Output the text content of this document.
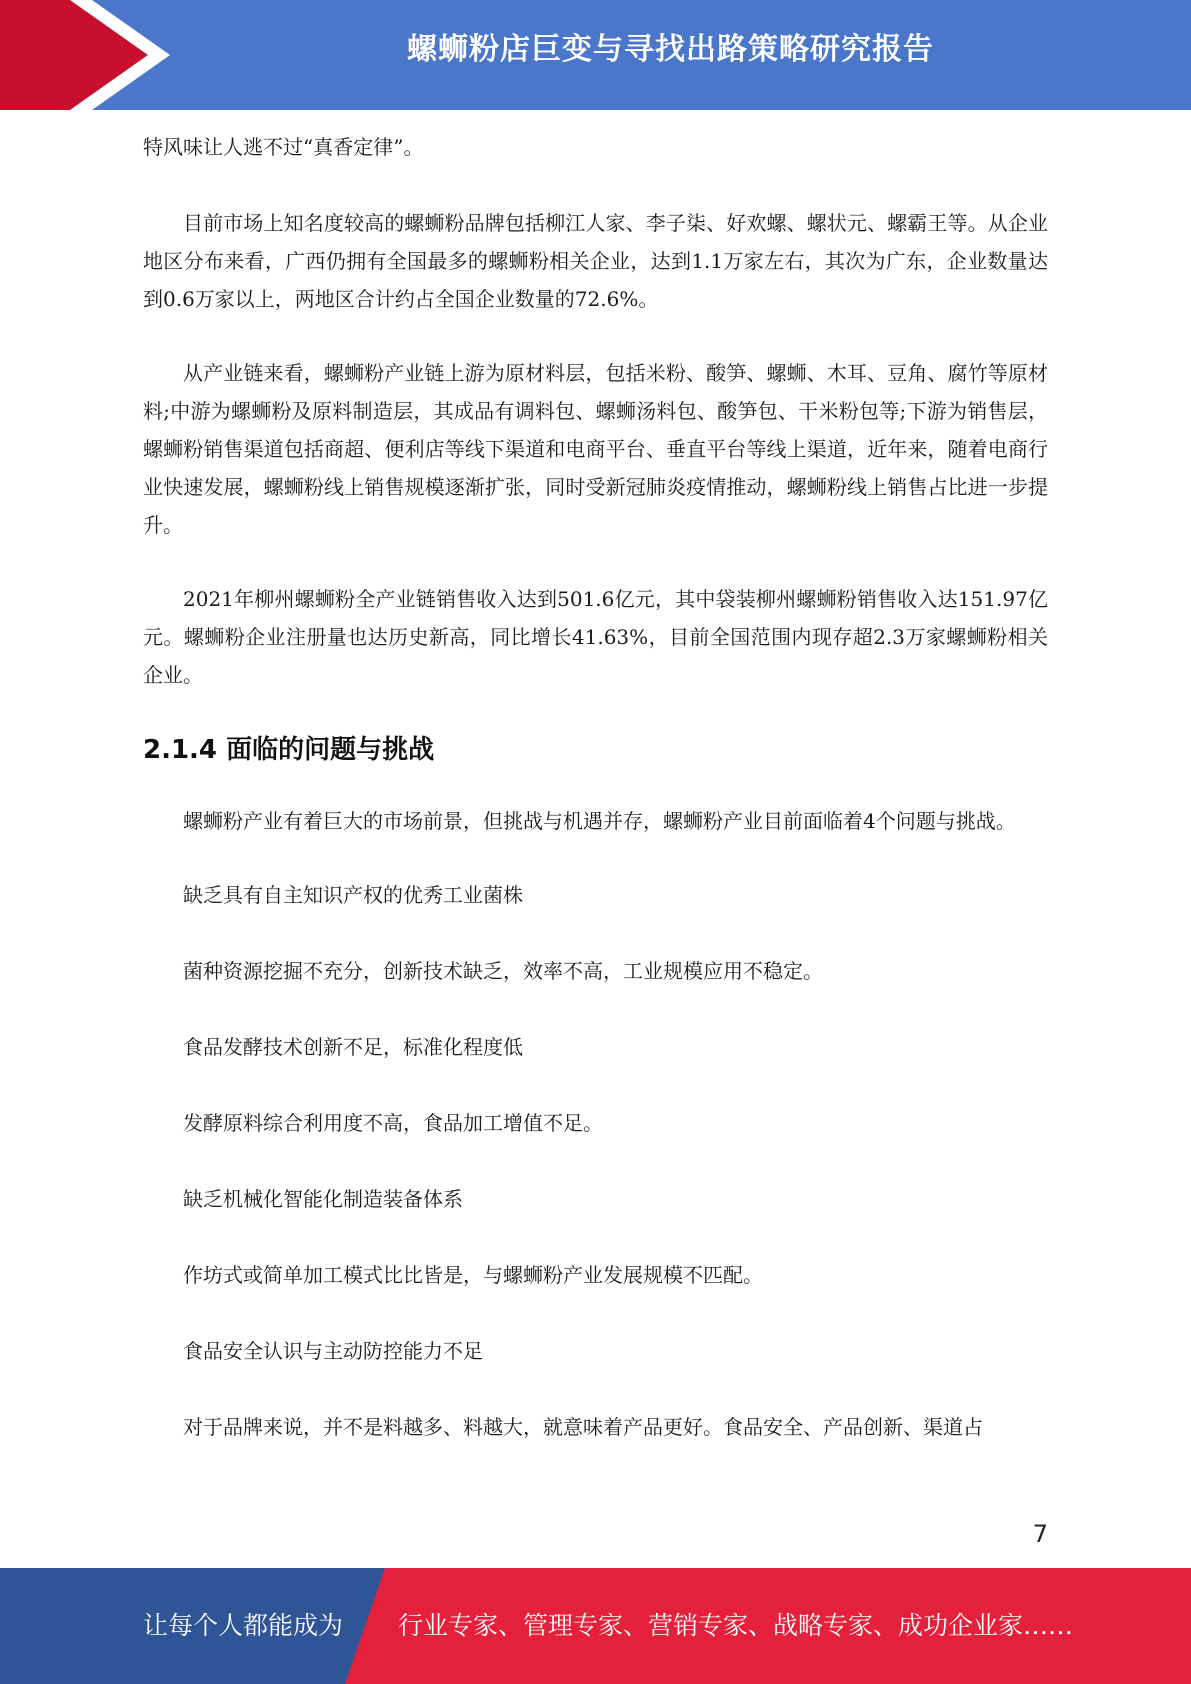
螺蛳粉店巨变与寻找出路策略研究报告

特风味让人逃不过“真香定律”。

目前市场上知名度较高的螺蛳粉品牌包括柳江人家、李子柒、好欢螺、螺状元、螺霸王等。从企业地区分布来看，广西仍拥有全国最多的螺蛳粉相关企业，达到1.1万家左右，其次为广东，企业数量达到0.6万家以上，两地区合计约占全国企业数量的72.6%。

从产业链来看，螺蛳粉产业链上游为原材料层，包括米粉、酸笋、螺蛳、木耳、豆角、腐竹等原材料;中游为螺蛳粉及原料制造层，其成品有调料包、螺蛳汤料包、酸笋包、干米粉包等;下游为销售层，螺蛳粉销售渠道包括商超、便利店等线下渠道和电商平台、垂直平台等线上渠道，近年来，随着电商行业快速发展，螺蛳粉线上销售规模逐渐扩张，同时受新冠肺炎疫情推动，螺蛳粉线上销售占比进一步提升。

2021年柳州螺蛳粉全产业链销售收入达到501.6亿元，其中袋装柳州螺蛳粉销售收入达151.97亿元。螺蛳粉企业注册量也达历史新高，同比增长41.63%，目前全国范围内现存超2.3万家螺蛳粉相关企业。

2.1.4 面临的问题与挑战

螺蛳粉产业有着巨大的市场前景，但挑战与机遇并存，螺蛳粉产业目前面临着4个问题与挑战。

缺乏具有自主知识产权的优秀工业菌株

菌种资源挖掘不充分，创新技术缺乏，效率不高，工业规模应用不稳定。

食品发酵技术创新不足，标准化程度低

发酵原料综合利用度不高，食品加工增值不足。

缺乏机械化智能化制造装备体系

作坊式或简单加工模式比比皆是，与螺蛳粉产业发展规模不匹配。

食品安全认识与主动防控能力不足

对于品牌来说，并不是料越多、料越大，就意味着产品更好。食品安全、产品创新、渠道占

7
让每个人都能成为 行业专家、管理专家、营销专家、战略专家、成功企业家……
